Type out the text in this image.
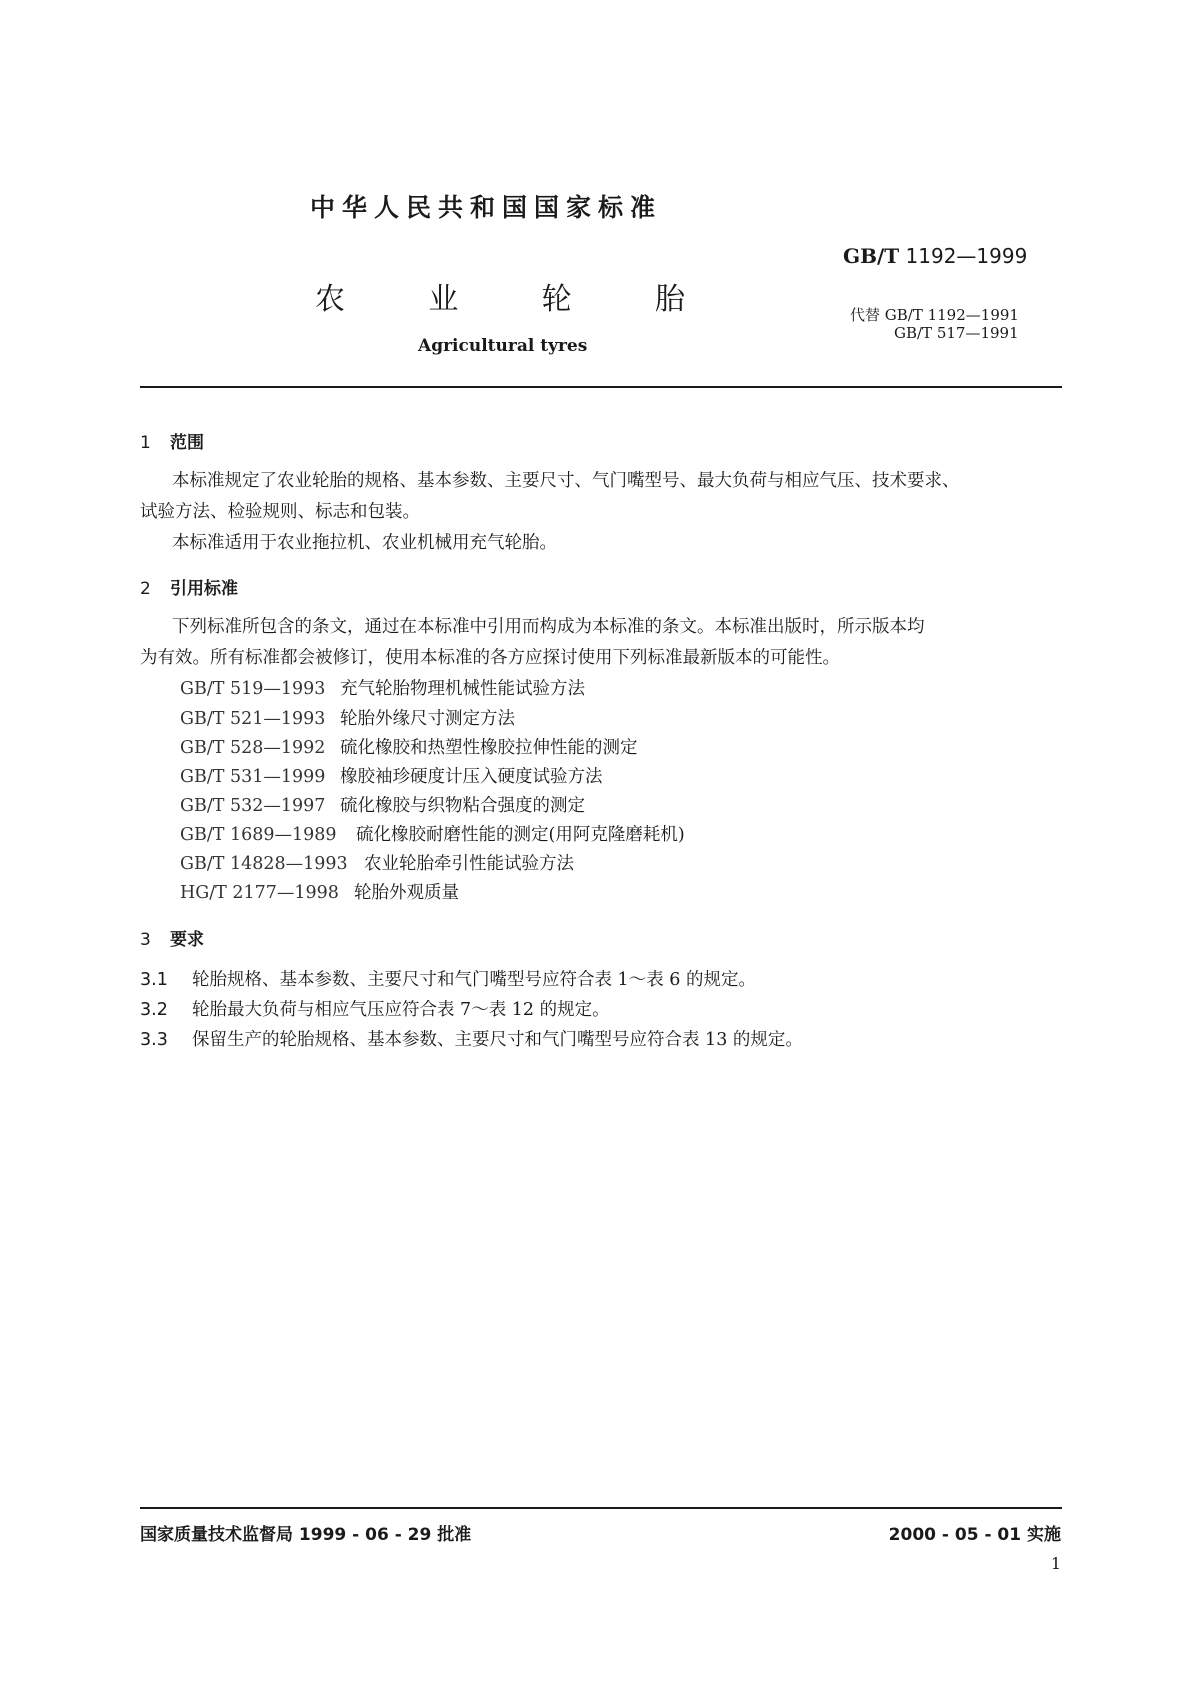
中华人民共和国国家标准
GB/T 1192—1999
农	业	轮	胎	代替 GB/T 1192—1991
GB/T 517—1991
Agricultural tyres
1 范围
本标准规定了农业轮胎的规格、基本参数、主要尺寸、气门嘴型号、最大负荷与相应气压、技术要求、
试验方法、检验规则、标志和包装。
本标准适用于农业拖拉机、农业机械用充气轮胎。
2 引用标准
下列标准所包含的条文，通过在本标准中引用而构成为本标准的条文。本标准出版时，所示版本均
为有效。所有标准都会被修订，使用本标准的各方应探讨使用下列标准最新版本的可能性。
GB/T 519—1993 充气轮胎物理机械性能试验方法
GB/T 521—1993 轮胎外缘尺寸测定方法
GB/T 528—1992 硫化橡胶和热塑性橡胶拉伸性能的测定
GB/T 531—1999 橡胶袖珍硬度计压入硬度试验方法
GB/T 532—1997 硫化橡胶与织物粘合强度的测定
GB/T 1689—1989 硫化橡胶耐磨性能的测定(用阿克隆磨耗机)
GB/T 14828—1993 农业轮胎牵引性能试验方法
HG/T 2177—1998 轮胎外观质量
3 要求
3.1 轮胎规格、基本参数、主要尺寸和气门嘴型号应符合表 1～表 6 的规定。
3.2 轮胎最大负荷与相应气压应符合表 7～表 12 的规定。
3.3 保留生产的轮胎规格、基本参数、主要尺寸和气门嘴型号应符合表 13 的规定。
国家质量技术监督局 1999 - 06 - 29 批准	2000 - 05 - 01 实施
1
